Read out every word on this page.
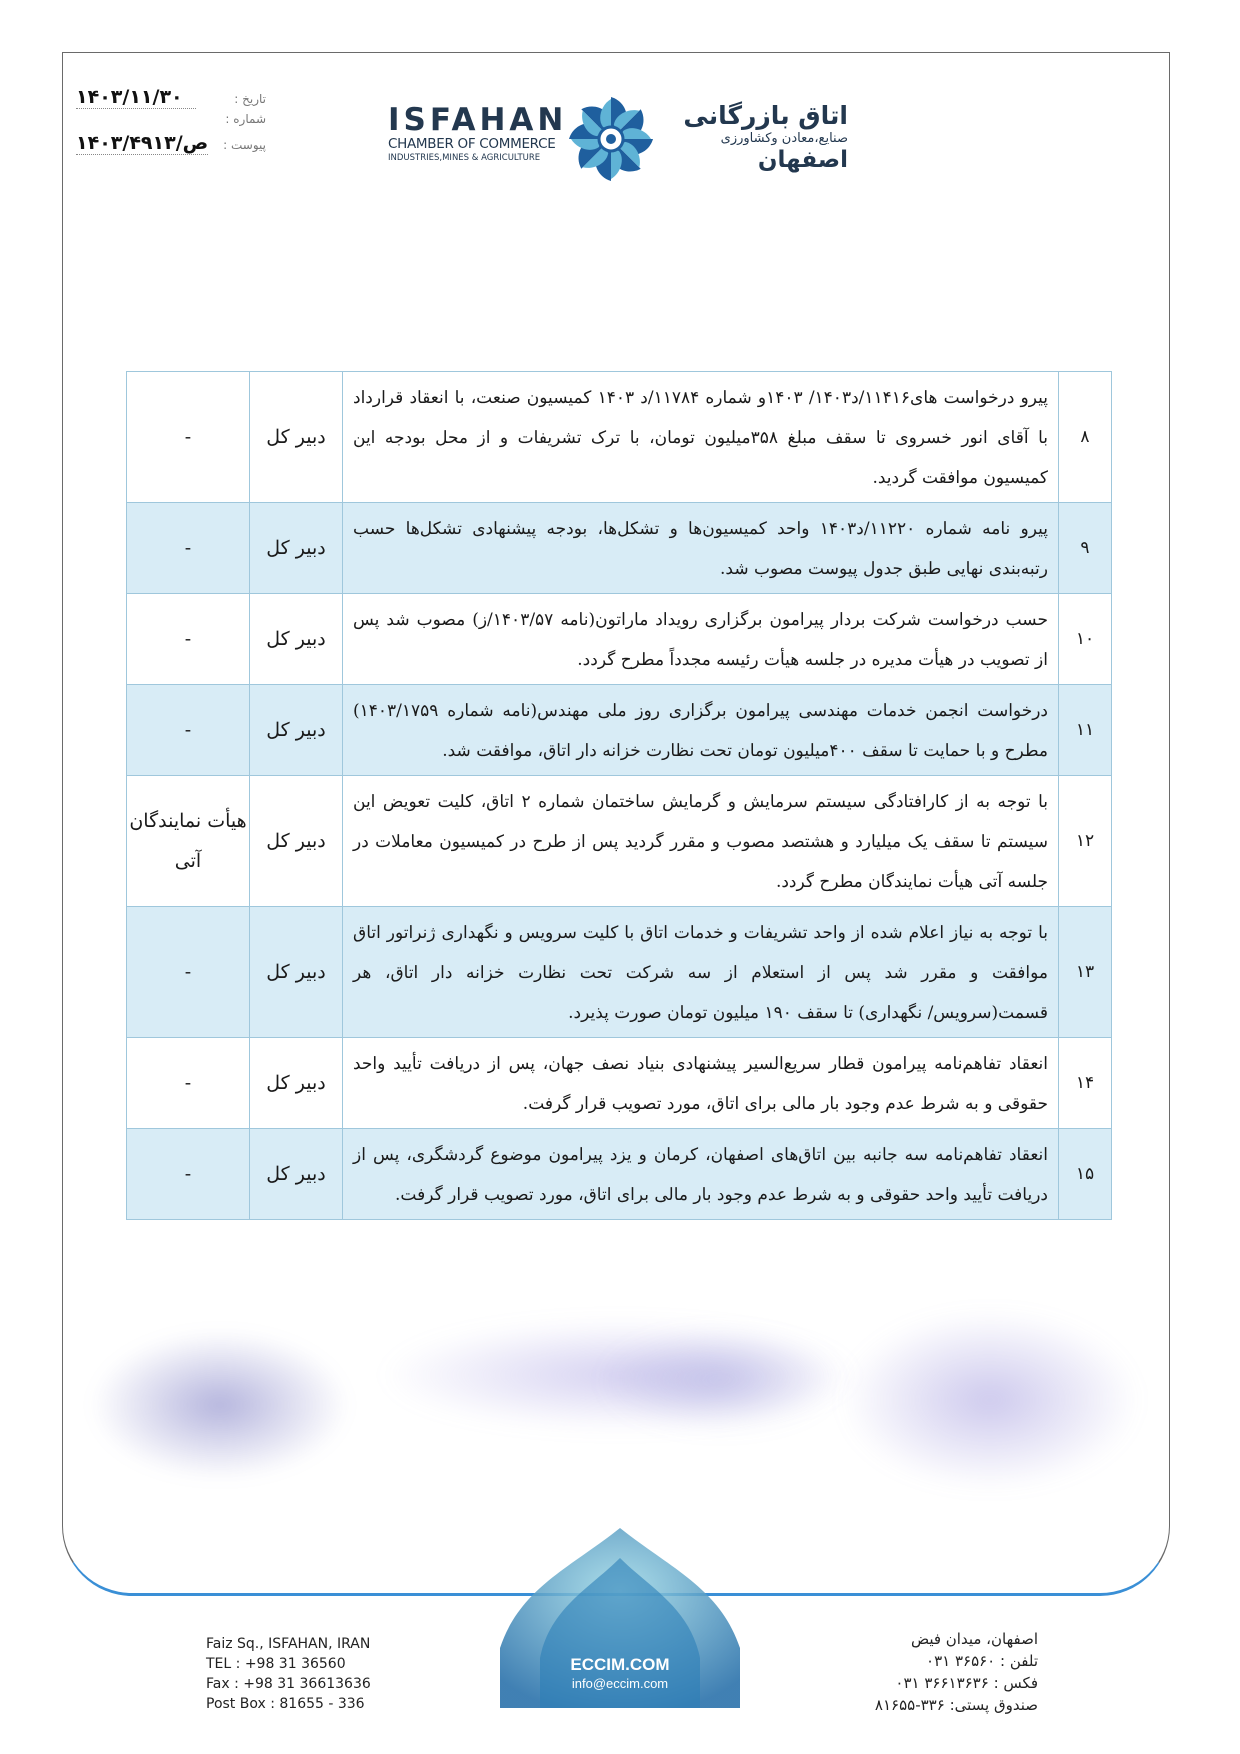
تاریخ :
۱۴۰۳/۱۱/۳۰
شماره :
پیوست :
۱۴۰۳/ص/۴۹۱۳
ISFAHAN
CHAMBER OF COMMERCE
INDUSTRIES,MINES & AGRICULTURE
اتاق بازرگانی
صنایع،معادن وکشاورزی
اصفهان
۸	پیرو درخواست های۱۱۴۱۶/د۱۴۰۳/ ۱۴۰۳و شماره ۱۱۷۸۴/د ۱۴۰۳ کمیسیون صنعت، با انعقاد قرارداد با آقای انور خسروی تا سقف مبلغ ۳۵۸میلیون تومان، با ترک تشریفات و از محل بودجه این کمیسیون موافقت گردید.	دبیر کل	-
۹	پیرو نامه شماره ۱۱۲۲۰/د۱۴۰۳ واحد کمیسیون‌ها و تشکل‌ها، بودجه پیشنهادی تشکل‌ها حسب رتبه‌بندی نهایی طبق جدول پیوست مصوب شد.	دبیر کل	-
۱۰	حسب درخواست شرکت بردار پیرامون برگزاری رویداد ماراتون(نامه ۱۴۰۳/۵۷/ز) مصوب شد پس از تصویب در هیأت مدیره در جلسه هیأت رئیسه مجدداً مطرح گردد.	دبیر کل	-
۱۱	درخواست انجمن خدمات مهندسی پیرامون برگزاری روز ملی مهندس(نامه شماره ۱۴۰۳/۱۷۵۹) مطرح و با حمایت تا سقف ۴۰۰میلیون تومان تحت نظارت خزانه دار اتاق، موافقت شد.	دبیر کل	-
۱۲	با توجه به از کارافتادگی سیستم سرمایش و گرمایش ساختمان شماره ۲ اتاق، کلیت تعویض این سیستم تا سقف یک میلیارد و هشتصد مصوب و مقرر گردید پس از طرح در کمیسیون معاملات در جلسه آتی هیأت نمایندگان مطرح گردد.	دبیر کل	هیأت نمایندگان آتی
۱۳	با توجه به نیاز اعلام شده از واحد تشریفات و خدمات اتاق با کلیت سرویس و نگهداری ژنراتور اتاق موافقت و مقرر شد پس از استعلام از سه شرکت تحت نظارت خزانه دار اتاق، هر قسمت(سرویس/ نگهداری) تا سقف ۱۹۰ میلیون تومان صورت پذیرد.	دبیر کل	-
۱۴	انعقاد تفاهم‌نامه پیرامون قطار سریع‌السیر پیشنهادی بنیاد نصف جهان، پس از دریافت تأیید واحد حقوقی و به شرط عدم وجود بار مالی برای اتاق، مورد تصویب قرار گرفت.	دبیر کل	-
۱۵	انعقاد تفاهم‌نامه سه جانبه بین اتاق‌های اصفهان، کرمان و یزد پیرامون موضوع گردشگری، پس از دریافت تأیید واحد حقوقی و به شرط عدم وجود بار مالی برای اتاق، مورد تصویب قرار گرفت.	دبیر کل	-
Faiz Sq., ISFAHAN, IRAN
TEL : +98 31 36560
Fax : +98 31 36613636
Post Box : 81655 - 336
ECCIM.COM
info@eccim.com
اصفهان، میدان فیض
تلفن : ۰۳۱ ۳۶۵۶۰
فکس : ۰۳۱ ۳۶۶۱۳۶۳۶
صندوق پستی: ۸۱۶۵۵-۳۳۶
